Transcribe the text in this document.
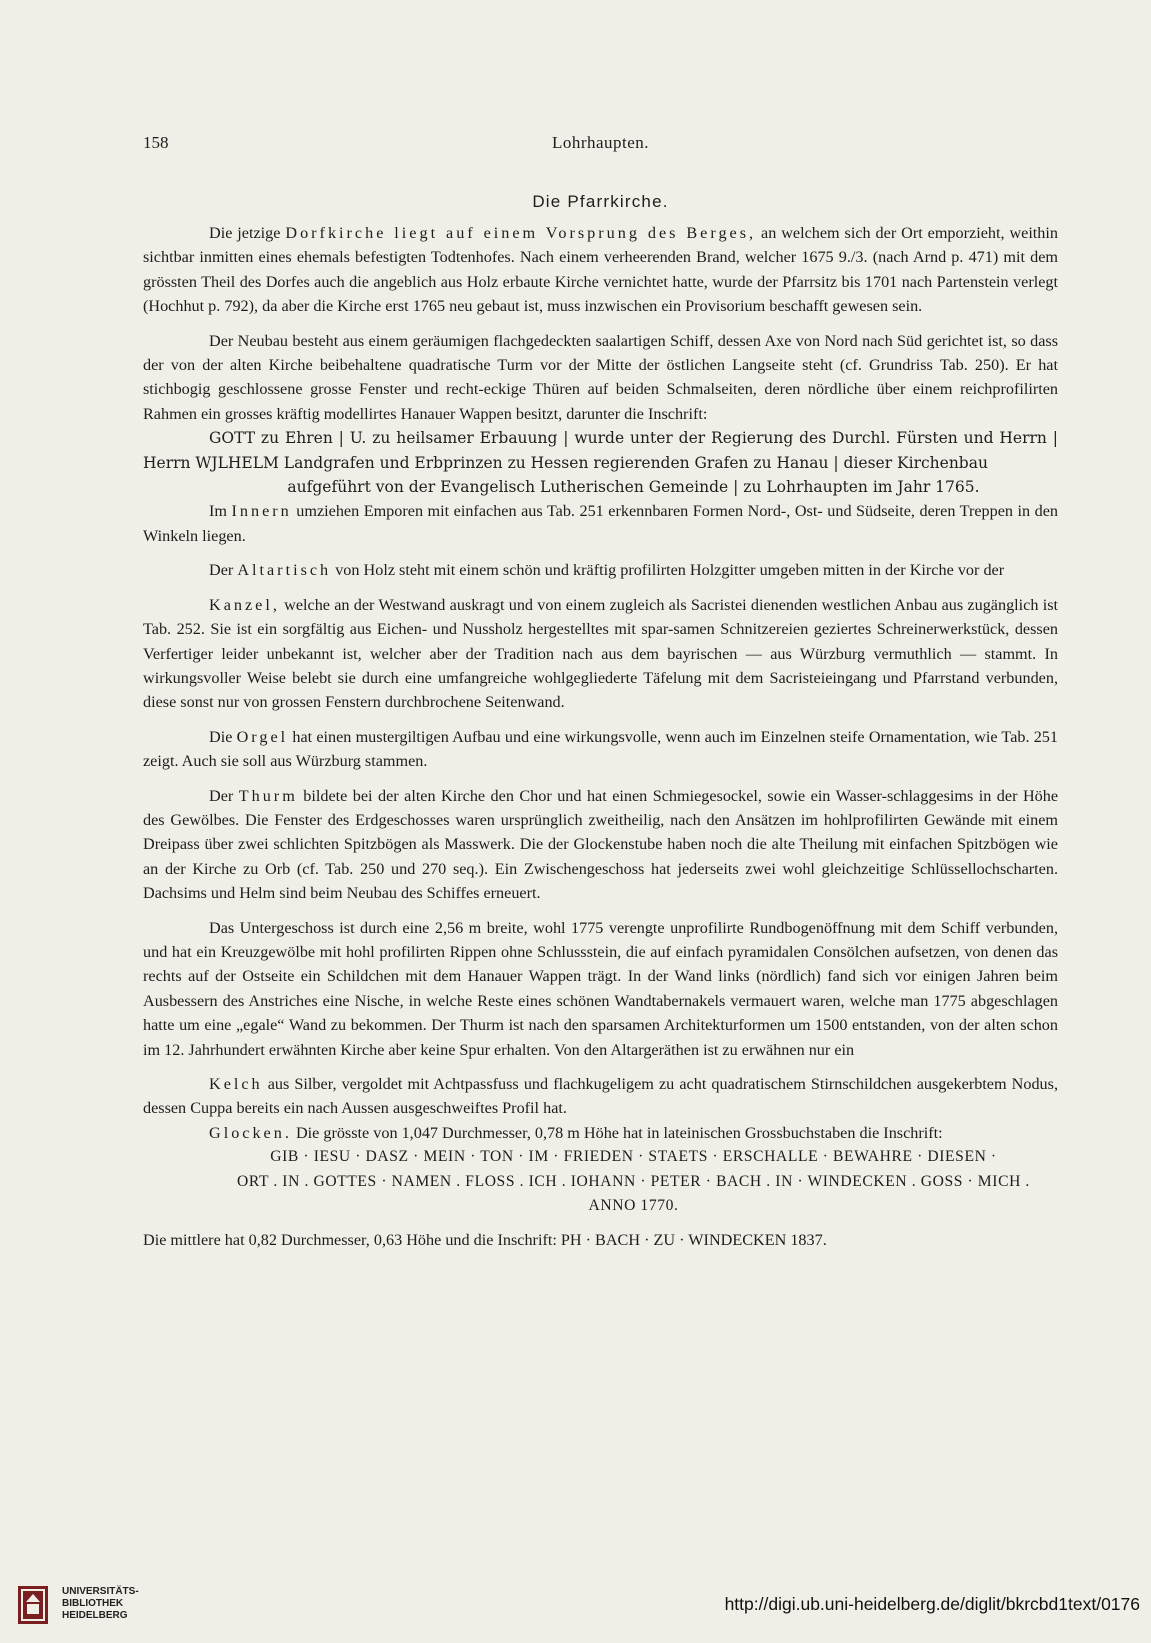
158	Lohrhaupten.
Die Pfarrkirche.

Die jetzige Dorfkirche liegt auf einem Vorsprung des Berges, an welchem sich der Ort emporzieht, weithin sichtbar inmitten eines ehemals befestigten Todtenhofes. Nach einem verheerenden Brand, welcher 1675 9./3. (nach Arnd p. 471) mit dem grössten Theil des Dorfes auch die angeblich aus Holz erbaute Kirche vernichtet hatte, wurde der Pfarrsitz bis 1701 nach Partenstein verlegt (Hochhut p. 792), da aber die Kirche erst 1765 neu gebaut ist, muss inzwischen ein Provisorium beschafft gewesen sein.

Der Neubau besteht aus einem geräumigen flachgedeckten saalartigen Schiff, dessen Axe von Nord nach Süd gerichtet ist, so dass der von der alten Kirche beibehaltene quadratische Turm vor der Mitte der östlichen Langseite steht (cf. Grundriss Tab. 250). Er hat stichbogig geschlossene grosse Fenster und recht-eckige Thüren auf beiden Schmalseiten, deren nördliche über einem reichprofilirten Rahmen ein grosses kräftig modellirtes Hanauer Wappen besitzt, darunter die Inschrift:

GOTT zu Ehren | U. zu heilsamer Erbauung | wurde unter der Regierung des Durchl. Fürsten und Herrn | Herrn WJLHELM Landgrafen und Erbprinzen zu Hessen regierenden Grafen zu Hanau | dieser Kirchenbau
aufgeführt von der Evangelisch Lutherischen Gemeinde | zu Lohrhaupten im Jahr 1765.

Im Innern umziehen Emporen mit einfachen aus Tab. 251 erkennbaren Formen Nord-, Ost- und Südseite, deren Treppen in den Winkeln liegen.

Der Altartisch von Holz steht mit einem schön und kräftig profilirten Holzgitter umgeben mitten in der Kirche vor der

Kanzel, welche an der Westwand auskragt und von einem zugleich als Sacristei dienenden westlichen Anbau aus zugänglich ist Tab. 252. Sie ist ein sorgfältig aus Eichen- und Nussholz hergestelltes mit spar-samen Schnitzereien geziertes Schreinerwerkstück, dessen Verfertiger leider unbekannt ist, welcher aber der Tradition nach aus dem bayrischen — aus Würzburg vermuthlich — stammt. In wirkungsvoller Weise belebt sie durch eine umfangreiche wohlgegliederte Täfelung mit dem Sacristeieingang und Pfarrstand verbunden, diese sonst nur von grossen Fenstern durchbrochene Seitenwand.

Die Orgel hat einen mustergiltigen Aufbau und eine wirkungsvolle, wenn auch im Einzelnen steife Ornamentation, wie Tab. 251 zeigt. Auch sie soll aus Würzburg stammen.

Der Thurm bildete bei der alten Kirche den Chor und hat einen Schmiegesockel, sowie ein Wasser-schlaggesims in der Höhe des Gewölbes. Die Fenster des Erdgeschosses waren ursprünglich zweitheilig, nach den Ansätzen im hohlprofilirten Gewände mit einem Dreipass über zwei schlichten Spitzbögen als Masswerk. Die der Glockenstube haben noch die alte Theilung mit einfachen Spitzbögen wie an der Kirche zu Orb (cf. Tab. 250 und 270 seq.). Ein Zwischengeschoss hat jederseits zwei wohl gleichzeitige Schlüssellochscharten. Dachsims und Helm sind beim Neubau des Schiffes erneuert.

Das Untergeschoss ist durch eine 2,56 m breite, wohl 1775 verengte unprofilirte Rundbogenöffnung mit dem Schiff verbunden, und hat ein Kreuzgewölbe mit hohl profilirten Rippen ohne Schlussstein, die auf einfach pyramidalen Consölchen aufsetzen, von denen das rechts auf der Ostseite ein Schildchen mit dem Hanauer Wappen trägt. In der Wand links (nördlich) fand sich vor einigen Jahren beim Ausbessern des Anstriches eine Nische, in welche Reste eines schönen Wandtabernakels vermauert waren, welche man 1775 abgeschlagen hatte um eine „egale“ Wand zu bekommen. Der Thurm ist nach den sparsamen Architekturformen um 1500 entstanden, von der alten schon im 12. Jahrhundert erwähnten Kirche aber keine Spur erhalten. Von den Altargeräthen ist zu erwähnen nur ein

Kelch aus Silber, vergoldet mit Achtpassfuss und flachkugeligem zu acht quadratischem Stirnschildchen ausgekerbtem Nodus, dessen Cuppa bereits ein nach Aussen ausgeschweiftes Profil hat.

Glocken. Die grösste von 1,047 Durchmesser, 0,78 m Höhe hat in lateinischen Grossbuchstaben die Inschrift:

GIB · IESU · DASZ · MEIN · TON · IM · FRIEDEN · STAETS · ERSCHALLE · BEWAHRE · DIESEN ·
ORT . IN . GOTTES · NAMEN . FLOSS . ICH . IOHANN · PETER · BACH . IN · WINDECKEN . GOSS · MICH .
ANNO 1770.

Die mittlere hat 0,82 Durchmesser, 0,63 Höhe und die Inschrift: PH · BACH · ZU · WINDECKEN 1837.

UNIVERSITÄTS-
BIBLIOTHEK
HEIDELBERG
http://digi.ub.uni-heidelberg.de/diglit/bkrcbd1text/0176
